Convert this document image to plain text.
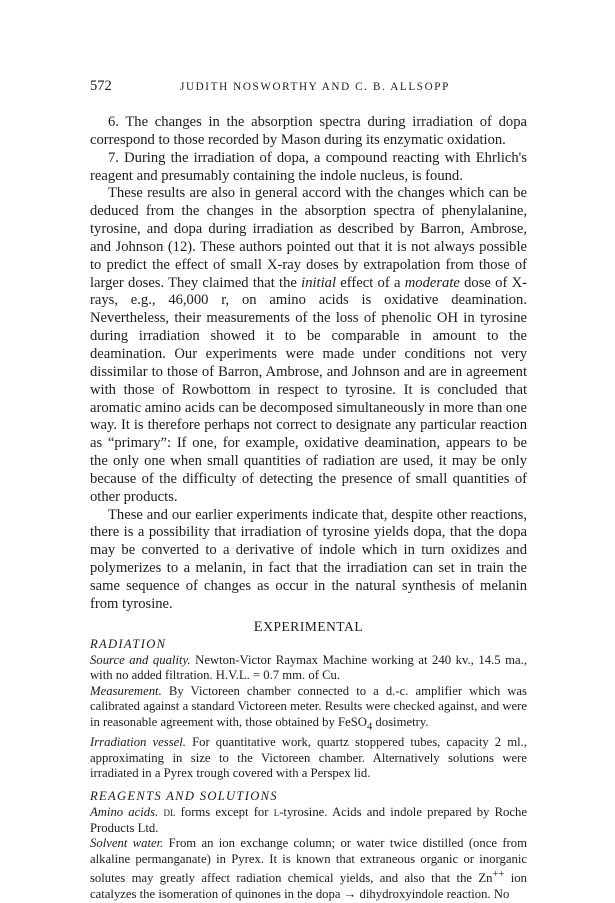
572	JUDITH NOSWORTHY AND C. B. ALLSOPP

6. The changes in the absorption spectra during irradiation of dopa correspond to those recorded by Mason during its enzymatic oxidation.

7. During the irradiation of dopa, a compound reacting with Ehrlich's reagent and presumably containing the indole nucleus, is found.

These results are also in general accord with the changes which can be deduced from the changes in the absorption spectra of phenylalanine, tyrosine, and dopa during irradiation as described by Barron, Ambrose, and Johnson (12). These authors pointed out that it is not always possible to predict the effect of small X-ray doses by extrapolation from those of larger doses. They claimed that the initial effect of a moderate dose of X-rays, e.g., 46,000 r, on amino acids is oxidative deamination. Nevertheless, their measurements of the loss of phenolic OH in tyrosine during irradiation showed it to be comparable in amount to the deamination. Our experiments were made under conditions not very dissimilar to those of Barron, Ambrose, and Johnson and are in agreement with those of Rowbottom in respect to tyrosine. It is concluded that aromatic amino acids can be decomposed simultaneously in more than one way. It is therefore perhaps not correct to designate any particular reaction as “primary”: If one, for example, oxidative deamination, appears to be the only one when small quantities of radiation are used, it may be only because of the difficulty of detecting the presence of small quantities of other products.

These and our earlier experiments indicate that, despite other reactions, there is a possibility that irradiation of tyrosine yields dopa, that the dopa may be converted to a derivative of indole which in turn oxidizes and polymerizes to a melanin, in fact that the irradiation can set in train the same sequence of changes as occur in the natural synthesis of melanin from tyrosine.

EXPERIMENTAL
RADIATION

Source and quality. Newton-Victor Raymax Machine working at 240 kv., 14.5 ma., with no added filtration. H.V.L. = 0.7 mm. of Cu.

Measurement. By Victoreen chamber connected to a d.-c. amplifier which was calibrated against a standard Victoreen meter. Results were checked against, and were in reasonable agreement with, those obtained by FeSO$_4$ dosimetry.

Irradiation vessel. For quantitative work, quartz stoppered tubes, capacity 2 ml., approximating in size to the Victoreen chamber. Alternatively solutions were irradiated in a Pyrex trough covered with a Perspex lid.

REAGENTS AND SOLUTIONS

Amino acids. dl forms except for l-tyrosine. Acids and indole prepared by Roche Products Ltd.

Solvent water. From an ion exchange column; or water twice distilled (once from alkaline permanganate) in Pyrex. It is known that extraneous organic or inorganic solutes may greatly affect radiation chemical yields, and also that the Zn++ ion catalyzes the isomeration of quinones in the dopa → dihydroxyindole reaction. No
